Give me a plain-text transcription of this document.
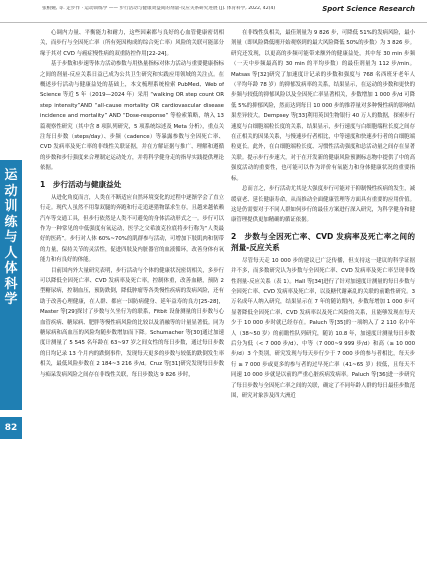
张根婉, 等. 走步作 · 运动训练学 —— 步行活动与健康效益间的剂量-反应关系研究进展 [J]. 体育科学, 2022, 42(4)	Sport Science Research
运动训练与人体科学
82

心调内力量、平衡能力和耐力，这些因素都与良好的心血管健康密切相关，而步行与全因死亡率（所有死因构成的综合死亡率）风险的关联可能部分缘于其对 CVD 与癌症慢性病的双重防控作用[22-24]。

基于步数和步速等体力活动参数与用热量指标对体力活动与重要健康指标之间的剂量-反应关系日益已成为公共卫生研究和实践应用领域的关注点。在概述步行活动与健康益处的基础上，本文梳理系统检索 PubMed、Web of Science 等近 5 年（2019—2024 年）采用 “walking OR step count OR step intensity”AND “all-cause mortality OR cardiovascular disease incidence and mortality” AND “Dose-response” 等检索策略，纳入 13 篇观察性研究（其中含 8 项队列研究，5 项系统综述及 Meta 分析），重点关注每日步数（steps/day）、步频（cadence）等暴露参数与全因死亡率、CVD 发病率及死亡率的非线性关联证据，并在方解证据与推广、理解和遵循的步数和步行强度来合理制定运动处方，并将科学健身走的指导实践提供理论依据。

1　步行活动与健康益处

从进化角度而言，人类在不断适应自然环境变化的过程中逐渐学会了直立行走。现代人虽然不用靠双腿的奔跑和行走追逐猎物谋求生存，且越来越依赖汽车等交通工具，但步行依然是人类不可避免的身体活动形式之一。步行可以作为一种常见的中低强度有氧运动，医学之父希波克拉底将步行称为“人类最好的医药”。步行对人体 60%~70%的肌群参与活动，可增加下肢肌肉和韧带的力量，保持关节的灵活性，促进四肢及内脏器官的血液循环，改善身体有氧能力和有良好的体能。

目前国内外大量研究表明，步行活动与个体的健康状况密切相关，多步行可以降低全因死亡率、CVD 发病率及死亡率，控制体重，改善血糖，预防 2 型糖尿病，控制血压，预防跌倒，降低肿瘤等各类慢性疾病的发病风险，还有助于改善心理健康，在人群、都应一国防病健身、延年益寿的良方[25-28]，Master 等[29]探讨了步数与久坐行为的联系，Fitbit 设备测量的日步数与心血管疾病、糖尿病、肥胖等慢性病风险的比较以及消融等的计量显著低。同为糖尿病和高血压的风险均随步数增加而下降。Schumacher 等[30]通过加速度计测量了 5 545 名年龄在 63~97 岁之间女性的每日步数，通过每日步数的日均记录 13 个月内的跌倒事件，发现每天更多的步数与较低的跌倒发生率相关，最低风险步数在 2 184~3 216 步/d。Cruz 等[31]研究发现每日步数与痴呆发病风险之间存在非线性关联，每日步数达 9 826 步时，

在非线性负相关，最佳剂量为 9 826 步，可降低 51%的发病风险，最小剂量（即风险降低刚开始观察到的最大风险降低 50%的步数）为 3 826 步。研究还发现，以更高的步频可能带来额外的健康益处，其中每 30 min 步频（一天中步频最高的 30 min 的平均步数）的最佳剂量为 112 步/min。Matsas 等[32]研究了加速度计记录的步数和强度与 768 名西班牙老年人（平均年龄 78 岁）的抑郁发病率的关系，结果显示，在运动的步数和更快的步频与较低的抑郁风险以及全因死亡率显著相关，步数增加 1 000 步/d 可降低 5%的抑郁风险，然而达到每日 10 000 步的推荐量对多种慢性病的影响结果差异较大。Dempsey 等[33]利用英国生物银行 40 万人的数据，探索步行速度与白细胞端粒长度的关系，结果显示，步行速度与白细胞端粒长度之间存在正相关的因果关系，与慢速步行者相比，中等速度和快速步行者的白细胞端粒更长。此外，在白细胞端粒长度、习惯性活动强度和总活动量之间存在显著关联。提示步行步速大，对于在开发新的健康风险预测标志物中提供了中的高强度活动的重要性，也可能可以作为评价有氧能力和身体健康状况的重要指标。

总而言之，步行活动尤其是大强度步行可能对于抑制慢性疾病的发生，减缓衰老、延长健康寿命，从而推动全面健康管理等方面具有重要的应用价值。这是仍需要对于不同人群如何步行的最佳方案进行深入研究，为科学健身和健康管理提供更加精确的循证依据。

2　步数与全因死亡率、CVD 发病率及死亡率之间的剂量-反应关系

尽管每天走 10 000 步的建议已广泛传播，但支持这一建议的科学证据并不多，而多数研究认为步数与全因死亡率、CVD 发病率及死亡率呈现非线性剂量-反应关系（表 1）。Hall 等[34]进行了针对加速度计测量的每日步数与全因死亡率、CVD 发病率及死亡率，以及糖代谢紊乱的关联的前瞻性研究。3 万名成年人纳入研究，结果显示在 7 年的随访期内，步数每增加 1 000 步可显著降低全因死亡率、CVD 发病率以及死亡风险的关系，且能够发现在每天少于 10 000 步时就已经存在。Paluch 等[35]的一项纳入了 2 110 名中年人（38~50 岁）的前瞻性队列研究，随访 10.8 年，加速度计测量每日步数后分为低（< 7 000 步/d）、中等（7 000~9 999 步/d）和高（≥ 10 000 步/d）3 个类别，研究发现与每天步行少于 7 000 步的参与者相比，每天步行 ≥ 7 000 步或更多的参与者的过早死亡率（41~65 岁）较低，且每天不同速 10 000 步就是以前的严重心脏疾病发病率。Paluch 等[36]进一步研究了每日步数与全因死亡率之间的关联，确定了不同年龄人群的每日最佳步数范围，研究对象涉及四大洲近
